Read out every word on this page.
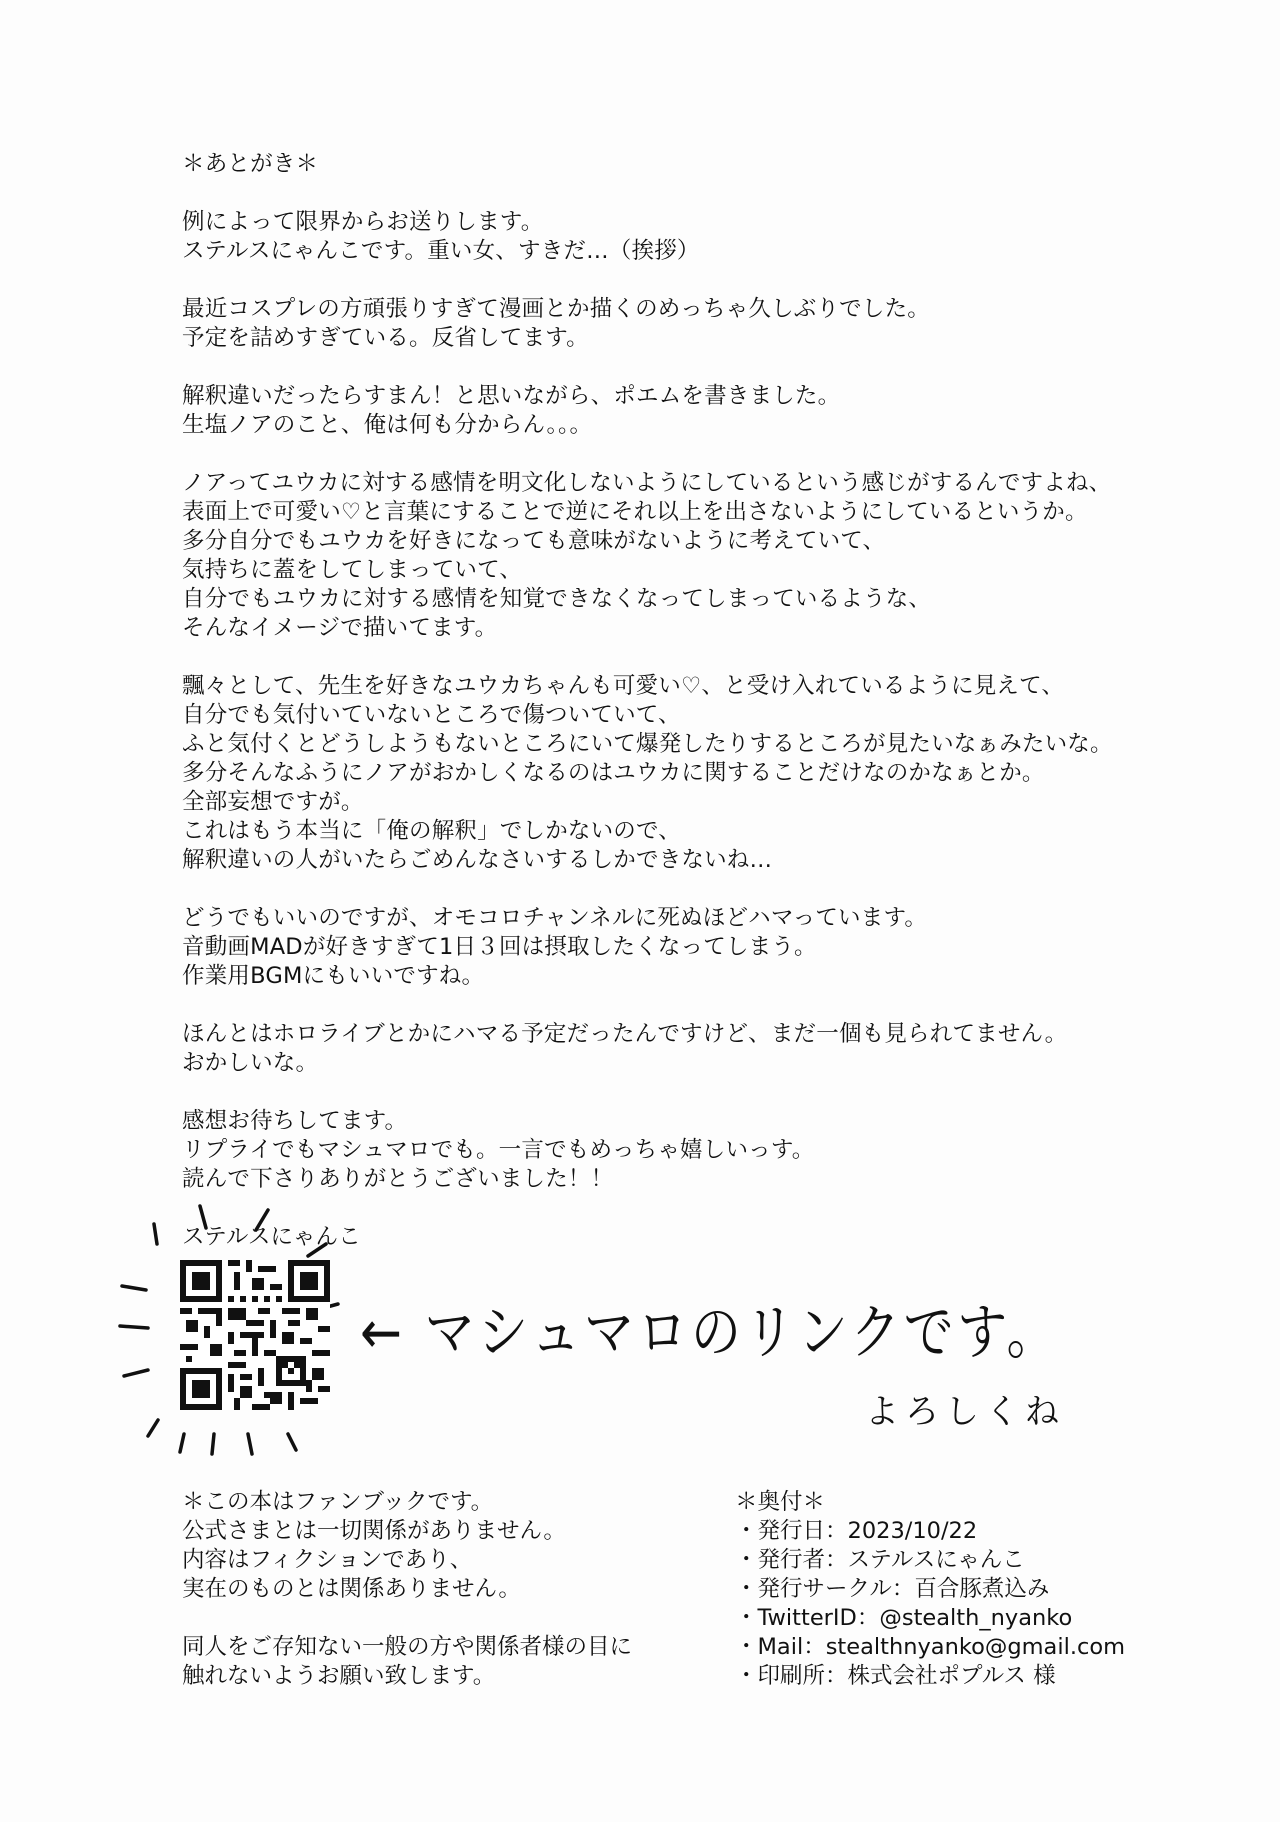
＊あとがき＊
例によって限界からお送りします。
ステルスにゃんこです。重い女、すきだ…（挨拶）
最近コスプレの方頑張りすぎて漫画とか描くのめっちゃ久しぶりでした。
予定を詰めすぎている。反省してます。
解釈違いだったらすまん！と思いながら、ポエムを書きました。
生塩ノアのこと、俺は何も分からん。。。
ノアってユウカに対する感情を明文化しないようにしているという感じがするんですよね、
表面上で可愛い♡と言葉にすることで逆にそれ以上を出さないようにしているというか。
多分自分でもユウカを好きになっても意味がないように考えていて、
気持ちに蓋をしてしまっていて、
自分でもユウカに対する感情を知覚できなくなってしまっているような、
そんなイメージで描いてます。
飄々として、先生を好きなユウカちゃんも可愛い♡、と受け入れているように見えて、
自分でも気付いていないところで傷ついていて、
ふと気付くとどうしようもないところにいて爆発したりするところが見たいなぁみたいな。
多分そんなふうにノアがおかしくなるのはユウカに関することだけなのかなぁとか。
全部妄想ですが。
これはもう本当に「俺の解釈」でしかないので、
解釈違いの人がいたらごめんなさいするしかできないね…
どうでもいいのですが、オモコロチャンネルに死ぬほどハマっています。
音動画MADが好きすぎて1日３回は摂取したくなってしまう。
作業用BGMにもいいですね。
ほんとはホロライブとかにハマる予定だったんですけど、まだ一個も見られてません。
おかしいな。
感想お待ちしてます。
リプライでもマシュマロでも。一言でもめっちゃ嬉しいっす。
読んで下さりありがとうございました！！
ステルスにゃんこ
← マシュマロのリンクです。
よろしくね
＊この本はファンブックです。
公式さまとは一切関係がありません。
内容はフィクションであり、
実在のものとは関係ありません。
同人をご存知ない一般の方や関係者様の目に
触れないようお願い致します。
＊奥付＊
・発行日：2023/10/22
・発行者：ステルスにゃんこ
・発行サークル：百合豚煮込み
・TwitterID：@stealth_nyanko
・Mail：stealthnyanko@gmail.com
・印刷所：株式会社ポプルス 様
